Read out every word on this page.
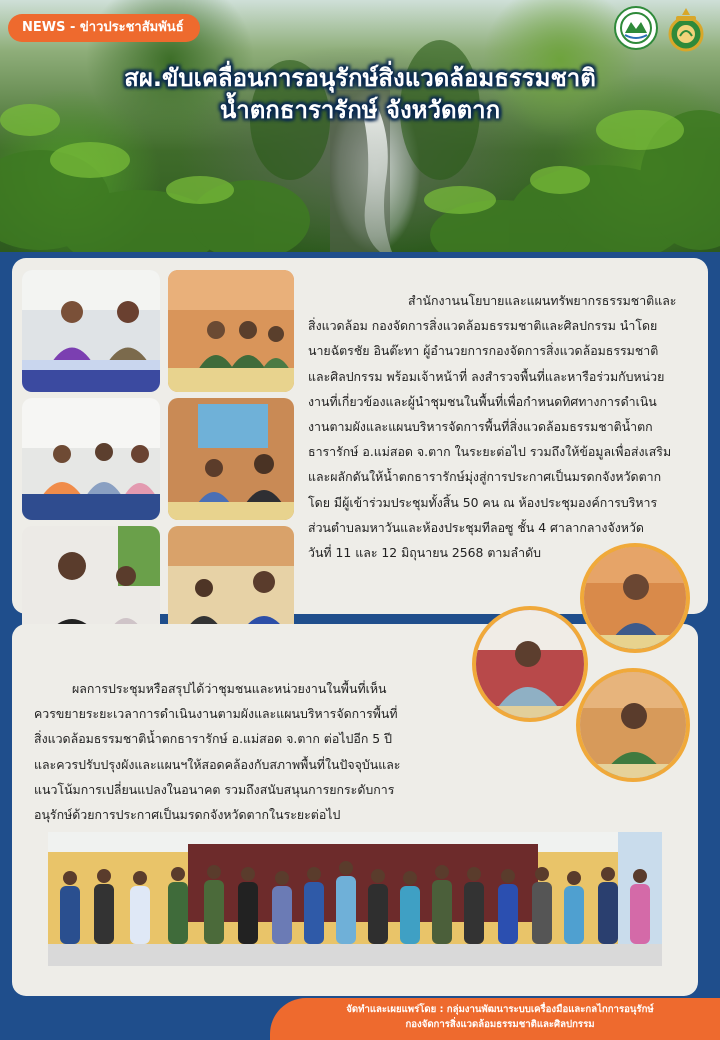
NEWS - ข่าวประชาสัมพันธ์
สผ.ขับเคลื่อนการอนุรักษ์สิ่งแวดล้อมธรรมชาติ
น้ำตกธารารักษ์ จังหวัดตาก
สำนักงานนโยบายและแผนทรัพยากรธรรมชาติและ
สิ่งแวดล้อม กองจัดการสิ่งแวดล้อมธรรมชาติและศิลปกรรม นำโดย
นายฉัตรชัย อินต๊ะทา ผู้อำนวยการกองจัดการสิ่งแวดล้อมธรรมชาติ
และศิลปกรรม พร้อมเจ้าหน้าที่ ลงสำรวจพื้นที่และหารือร่วมกับหน่วย
งานที่เกี่ยวข้องและผู้นำชุมชนในพื้นที่เพื่อกำหนดทิศทางการดำเนิน
งานตามผังและแผนบริหารจัดการพื้นที่สิ่งแวดล้อมธรรมชาติน้ำตก
ธารารักษ์ อ.แม่สอด จ.ตาก ในระยะต่อไป รวมถึงให้ข้อมูลเพื่อส่งเสริม
และผลักดันให้น้ำตกธารารักษ์มุ่งสู่การประกาศเป็นมรดกจังหวัดตาก
โดย มีผู้เข้าร่วมประชุมทั้งสิ้น 50 คน ณ ห้องประชุมองค์การบริหาร
ส่วนตำบลมหาวันและห้องประชุมทีลอซู ชั้น 4 ศาลากลางจังหวัด
วันที่ 11 และ 12 มิถุนายน 2568 ตามลำดับ
ผลการประชุมหรือสรุปได้ว่าชุมชนและหน่วยงานในพื้นที่เห็น
ควรขยายระยะเวลาการดำเนินงานตามผังและแผนบริหารจัดการพื้นที่
สิ่งแวดล้อมธรรมชาติน้ำตกธารารักษ์ อ.แม่สอด จ.ตาก ต่อไปอีก 5 ปี
และควรปรับปรุงผังและแผนฯให้สอดคล้องกับสภาพพื้นที่ในปัจจุบันและ
แนวโน้มการเปลี่ยนแปลงในอนาคต รวมถึงสนับสนุนการยกระดับการ
อนุรักษ์ด้วยการประกาศเป็นมรดกจังหวัดตากในระยะต่อไป
จัดทำและเผยแพร่โดย : กลุ่มงานพัฒนาระบบเครื่องมือและกลไกการอนุรักษ์
กองจัดการสิ่งแวดล้อมธรรมชาติและศิลปกรรม
